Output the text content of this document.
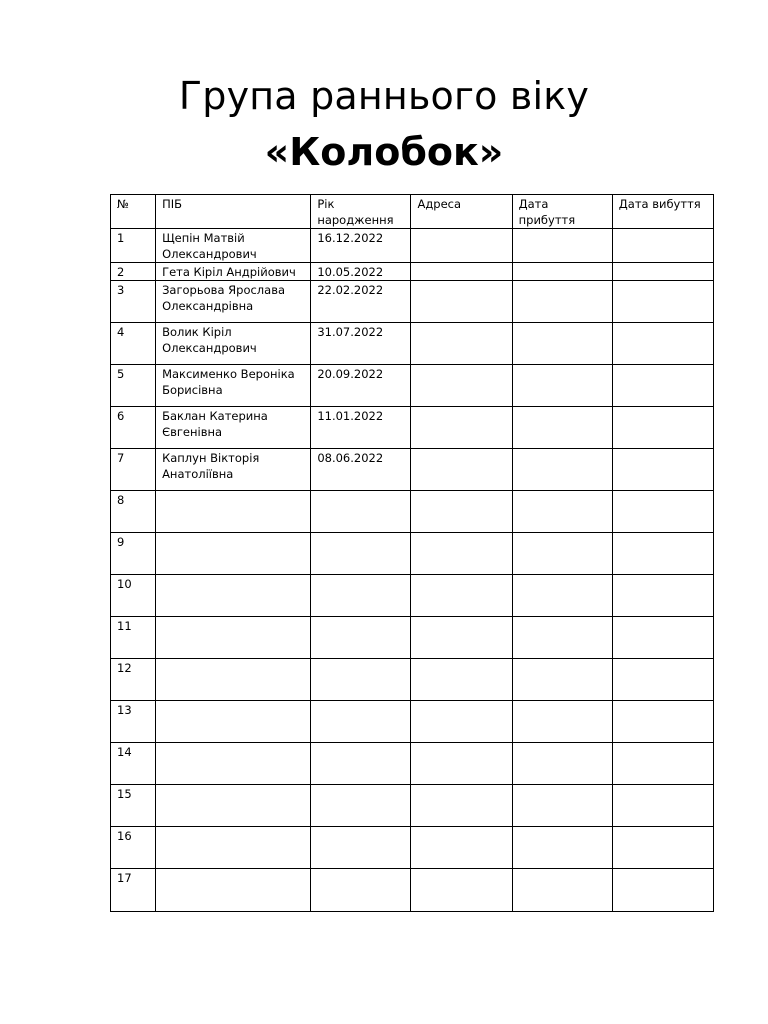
Група раннього віку
«Колобок»
№	ПІБ	Рік народження	Адреса	Дата прибуття	Дата вибуття
1	Щепін Матвій Олександрович	16.12.2022			
2	Гета Кіріл Андрійович	10.05.2022			
3	Загорьова Ярослава Олександрівна	22.02.2022			
4	Волик Кіріл Олександрович	31.07.2022			
5	Максименко Вероніка Борисівна	20.09.2022			
6	Баклан Катерина Євгенівна	11.01.2022			
7	Каплун Вікторія Анатоліївна	08.06.2022			
8					
9					
10					
11					
12					
13					
14					
15					
16					
17					
